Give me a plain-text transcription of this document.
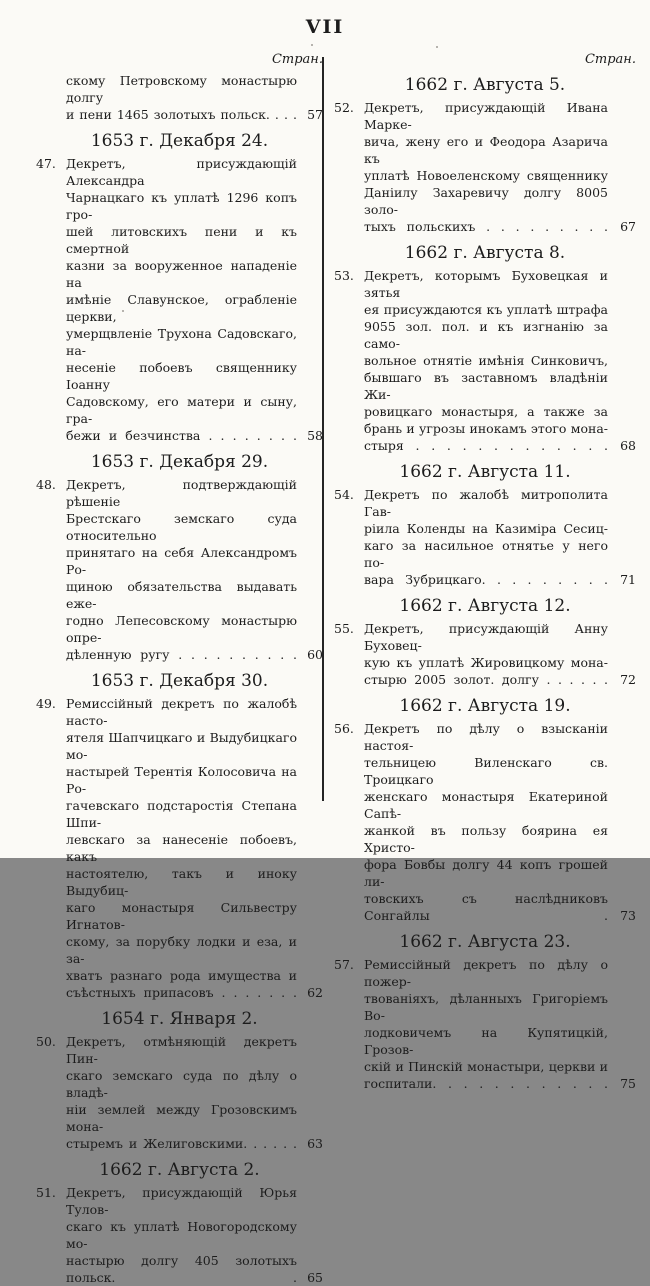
VII
Стран.
скому Петровскому монастырю долгу
и пени 1465 золотыхъ польск. . . . 57
1653 г. Декабря 24.
47. Декретъ, присуждающій Александра
Чарнацкаго къ уплатѣ 1296 копъ гро-
шей литовскихъ пени и къ смертной
казни за вооруженное нападеніе на
имѣніе Славунское, ограбленіе церкви,
умерщвленіе Трухона Садовскаго, на-
несеніе побоевъ священнику Іоанну
Садовскому, его матери и сыну, гра-
бежи и безчинства . . . . . . . . 58
1653 г. Декабря 29.
48. Декретъ, подтверждающій рѣшеніе
Брестскаго земскаго суда относительно
принятаго на себя Александромъ Ро-
щиною обязательства выдавать еже-
годно Лепесовскому монастырю опре-
дѣленную ругу . . . . . . . . . . 60
1653 г. Декабря 30.
49. Ремиссійный декретъ по жалобѣ насто-
ятеля Шапчицкаго и Выдубицкаго мо-
настырей Терентія Колосовича на Ро-
гачевскаго подстаростія Степана Шпи-
левскаго за нанесеніе побоевъ, какъ
настоятелю, такъ и иноку Выдубиц-
каго монастыря Сильвестру Игнатов-
скому, за порубку лодки и еза, и за-
хватъ разнаго рода имущества и
съѣстныхъ припасовъ . . . . . . . 62
1654 г. Января 2.
50. Декретъ, отмѣняющій декретъ Пин-
скаго земскаго суда по дѣлу о владѣ-
ніи землей между Грозовскимъ мона-
стыремъ и Желиговскими. . . . . . 63
1662 г. Августа 2.
51. Декретъ, присуждающій Юрья Тулов-
скаго къ уплатѣ Новогородскому мо-
настырю долгу 405 золотыхъ польск. . 65
Стран.
1662 г. Августа 5.
52. Декретъ, присуждающій Ивана Марке-
вича, жену его и Феодора Азарича къ
уплатѣ Новоеленскому священнику
Даніилу Захаревичу долгу 8005 золо-
тыхъ польскихъ . . . . . . . . . 67
1662 г. Августа 8.
53. Декретъ, которымъ Буховецкая и зятья
ея присуждаются къ уплатѣ штрафа
9055 зол. пол. и къ изгнанію за само-
вольное отнятіе имѣнія Синковичъ,
бывшаго въ заставномъ владѣніи Жи-
ровицкаго монастыря, а также за
брань и угрозы инокамъ этого мона-
стыря . . . . . . . . . . . . . 68
1662 г. Августа 11.
54. Декретъ по жалобѣ митрополита Гав-
ріила Коленды на Казиміра Сесиц-
каго за насильное отнятье у него по-
вара Зубрицкаго. . . . . . . . . 71
1662 г. Августа 12.
55. Декретъ, присуждающій Анну Буховец-
кую къ уплатѣ Жировицкому мона-
стырю 2005 золот. долгу . . . . . . 72
1662 г. Августа 19.
56. Декретъ по дѣлу о взысканіи настоя-
тельницею Виленскаго св. Троицкаго
женскаго монастыря Екатериной Сапѣ-
жанкой въ пользу боярина ея Христо-
фора Бовбы долгу 44 копъ грошей ли-
товскихъ съ наслѣдниковъ Сонгайлы . 73
1662 г. Августа 23.
57. Ремиссійный декретъ по дѣлу о пожер-
твованіяхъ, дѣланныхъ Григоріемъ Во-
лодковичемъ на Купятицкій, Грозов-
скій и Пинскій монастыри, церкви и
госпитали. . . . . . . . . . . . 75
